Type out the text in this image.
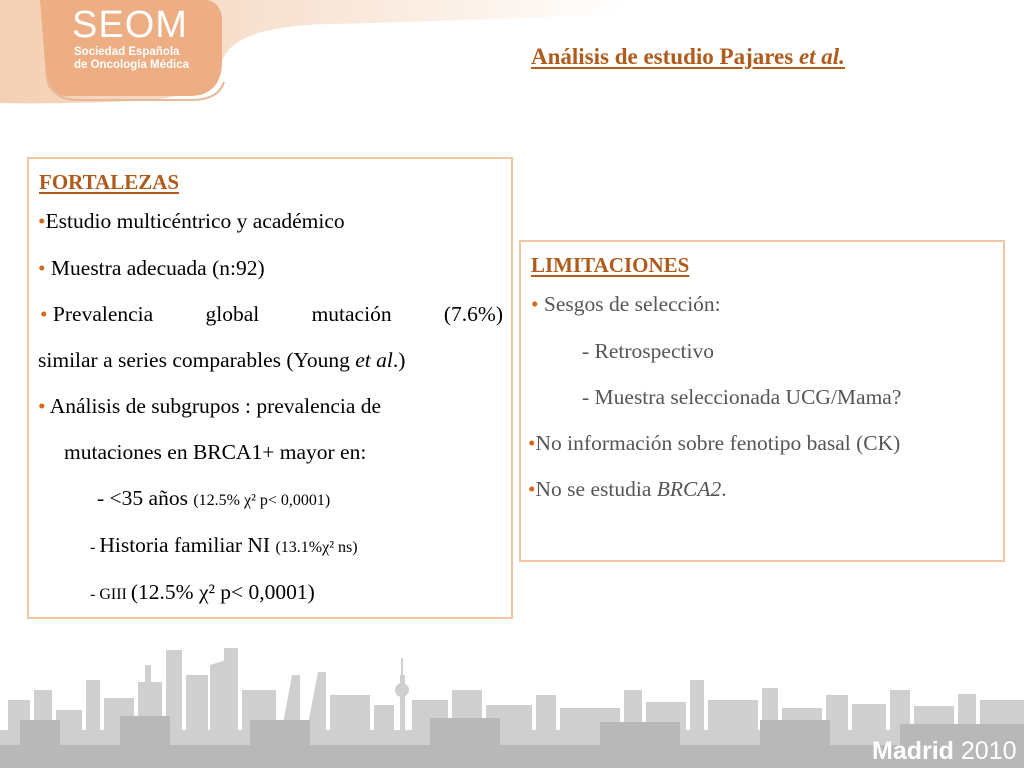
SEOM
Sociedad Española
de Oncología Médica	Análisis de estudio Pajares et al.
FORTALEZAS
•Estudio multicéntrico y académico
• Muestra adecuada (n:92)
• Prevalencia global mutación (7.6%)
similar a series comparables (Young et al.)
• Análisis de subgrupos : prevalencia de
mutaciones en BRCA1+ mayor en:
- <35 años (12.5% χ² p< 0,0001)
- Historia familiar NI (13.1%χ² ns)
- GIII (12.5% χ² p< 0,0001)
LIMITACIONES
• Sesgos de selección:
- Retrospectivo
- Muestra seleccionada UCG/Mama?
•No información sobre fenotipo basal (CK)
•No se estudia BRCA2.
Madrid 2010
